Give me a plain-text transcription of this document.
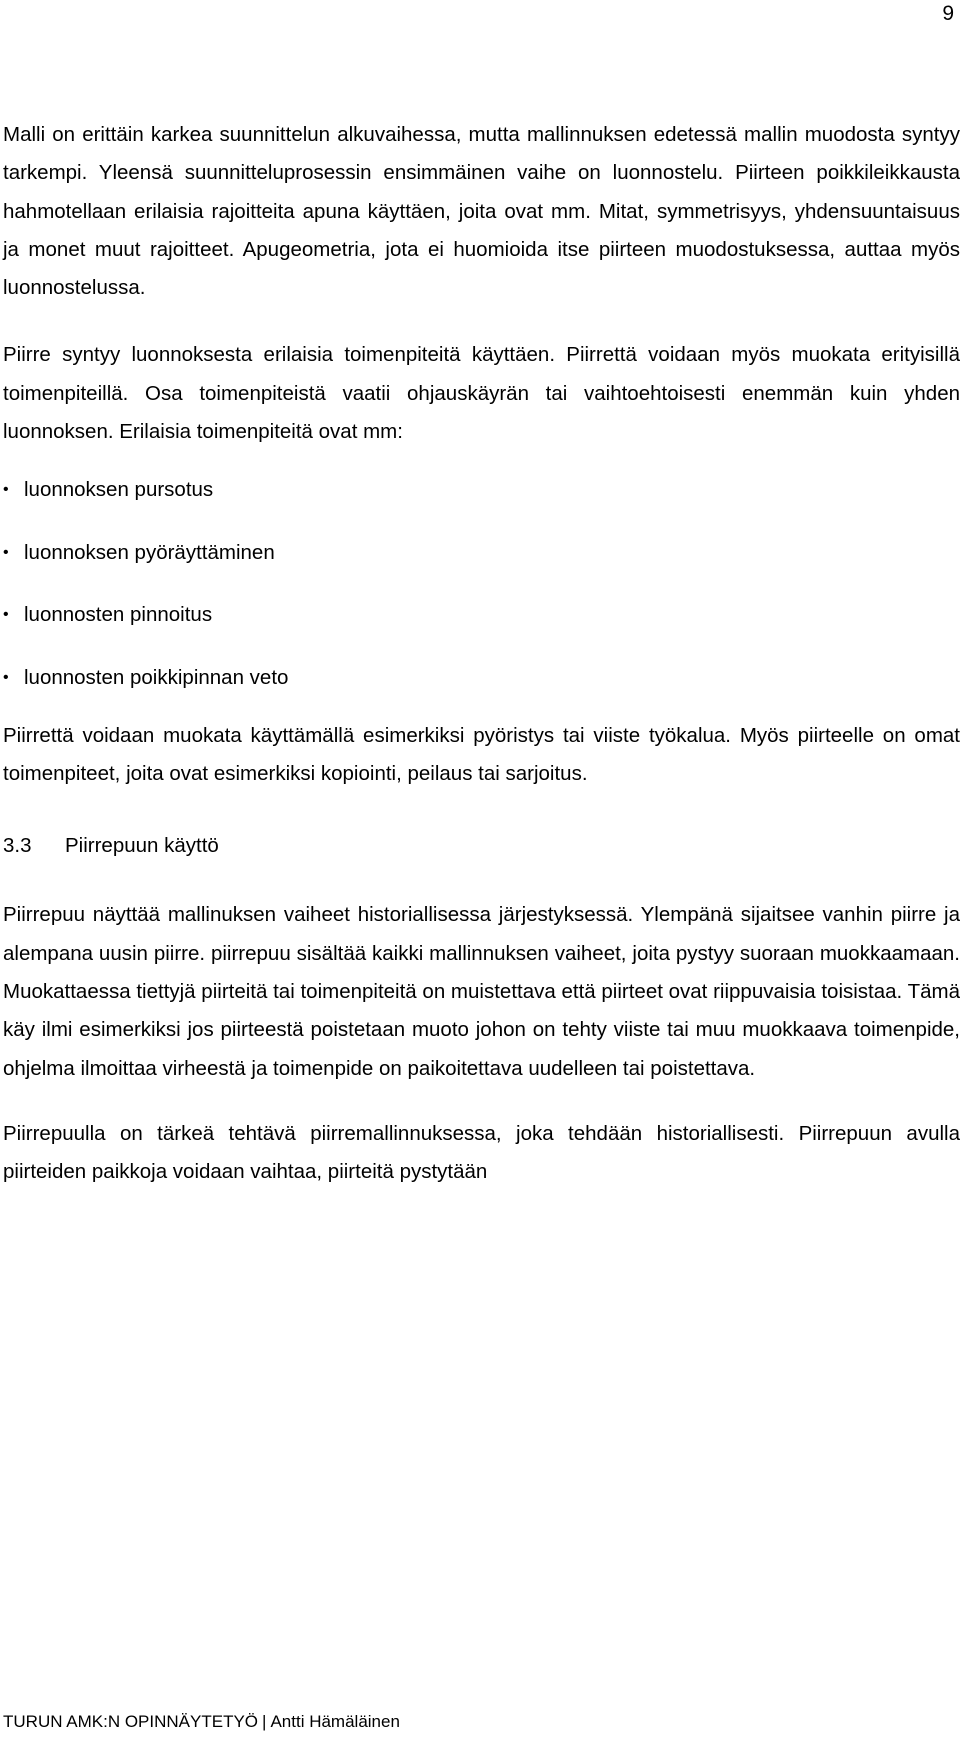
9

Malli on erittäin karkea suunnittelun alkuvaihessa, mutta mallinnuksen edetessä mallin muodosta syntyy tarkempi. Yleensä suunnitteluprosessin ensimmäinen vaihe on luonnostelu. Piirteen poikkileikkausta hahmotellaan erilaisia rajoitteita apuna käyttäen, joita ovat mm. Mitat, symmetrisyys, yhdensuuntaisuus ja monet muut rajoitteet. Apugeometria, jota ei huomioida itse piirteen muodostuksessa, auttaa myös luonnostelussa.

Piirre syntyy luonnoksesta erilaisia toimenpiteitä käyttäen. Piirrettä voidaan myös muokata erityisillä toimenpiteillä. Osa toimenpiteistä vaatii ohjauskäyrän tai vaihtoehtoisesti enemmän kuin yhden luonnoksen. Erilaisia toimenpiteitä ovat mm:

• luonnoksen pursotus
• luonnoksen pyöräyttäminen
• luonnosten pinnoitus
• luonnosten poikkipinnan veto

Piirrettä voidaan muokata käyttämällä esimerkiksi pyöristys tai viiste työkalua. Myös piirteelle on omat toimenpiteet, joita ovat esimerkiksi kopiointi, peilaus tai sarjoitus.

3.3 Piirrepuun käyttö

Piirrepuu näyttää mallinuksen vaiheet historiallisessa järjestyksessä. Ylempänä sijaitsee vanhin piirre ja alempana uusin piirre. piirrepuu sisältää kaikki mallinnuksen vaiheet, joita pystyy suoraan muokkaamaan. Muokattaessa tiettyjä piirteitä tai toimenpiteitä on muistettava että piirteet ovat riippuvaisia toisistaa. Tämä käy ilmi esimerkiksi jos piirteestä poistetaan muoto johon on tehty viiste tai muu muokkaava toimenpide, ohjelma ilmoittaa virheestä ja toimenpide on paikoitettava uudelleen tai poistettava.

Piirrepuulla on tärkeä tehtävä piirremallinnuksessa, joka tehdään historiallisesti. Piirrepuun avulla piirteiden paikkoja voidaan vaihtaa, piirteitä pystytään

TURUN AMK:N OPINNÄYTETYÖ | Antti Hämäläinen
